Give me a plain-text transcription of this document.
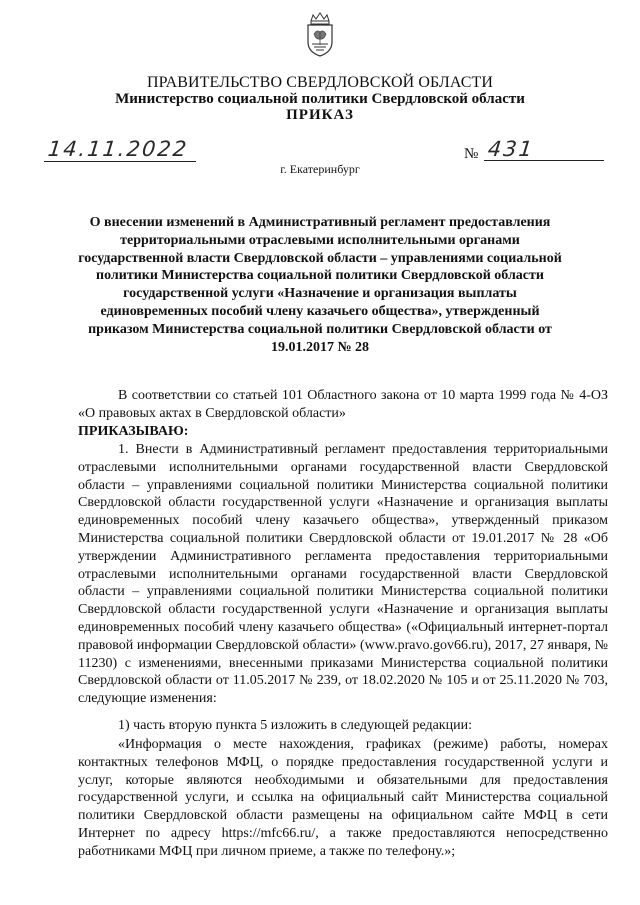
ПРАВИТЕЛЬСТВО СВЕРДЛОВСКОЙ ОБЛАСТИ
Министерство социальной политики Свердловской области
ПРИКАЗ
14.11.2022	№ 431
г. Екатеринбург
О внесении изменений в Административный регламент предоставления территориальными отраслевыми исполнительными органами государственной власти Свердловской области – управлениями социальной политики Министерства социальной политики Свердловской области государственной услуги «Назначение и организация выплаты единовременных пособий члену казачьего общества», утвержденный приказом Министерства социальной политики Свердловской области от 19.01.2017 № 28
В соответствии со статьей 101 Областного закона от 10 марта 1999 года № 4-ОЗ «О правовых актах в Свердловской области»
ПРИКАЗЫВАЮ:
1. Внести в Административный регламент предоставления территориальными отраслевыми исполнительными органами государственной власти Свердловской области – управлениями социальной политики Министерства социальной политики Свердловской области государственной услуги «Назначение и организация выплаты единовременных пособий члену казачьего общества», утвержденный приказом Министерства социальной политики Свердловской области от 19.01.2017 № 28 «Об утверждении Административного регламента предоставления территориальными отраслевыми исполнительными органами государственной власти Свердловской области – управлениями социальной политики Министерства социальной политики Свердловской области государственной услуги «Назначение и организация выплаты единовременных пособий члену казачьего общества» («Официальный интернет-портал правовой информации Свердловской области» (www.pravo.gov66.ru), 2017, 27 января, № 11230) с изменениями, внесенными приказами Министерства социальной политики Свердловской области от 11.05.2017 № 239, от 18.02.2020 № 105 и от 25.11.2020 № 703, следующие изменения:
1) часть вторую пункта 5 изложить в следующей редакции:
«Информация о месте нахождения, графиках (режиме) работы, номерах контактных телефонов МФЦ, о порядке предоставления государственной услуги и услуг, которые являются необходимыми и обязательными для предоставления государственной услуги, и ссылка на официальный сайт Министерства социальной политики Свердловской области размещены на официальном сайте МФЦ в сети Интернет по адресу https://mfc66.ru/, а также предоставляются непосредственно работниками МФЦ при личном приеме, а также по телефону.»;
